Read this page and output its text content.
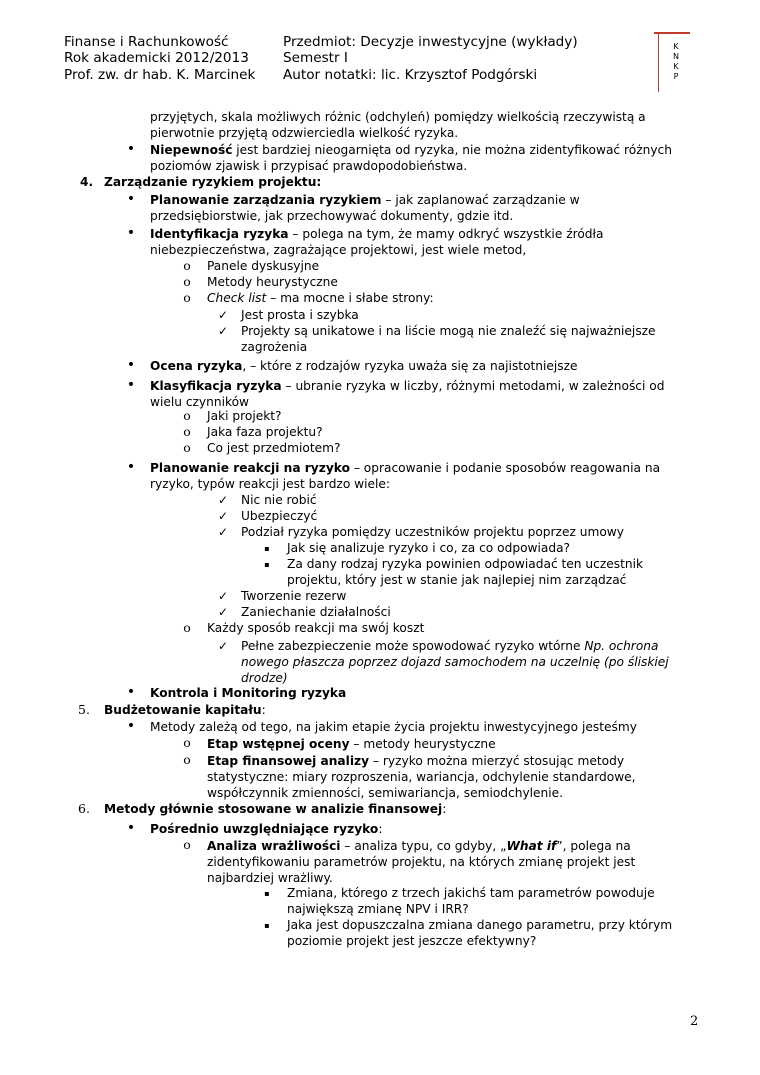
Finanse i Rachunkowość
Rok akademicki 2012/2013
Prof. zw. dr hab. K. Marcinek
Przedmiot: Decyzje inwestycyjne (wykłady)
Semestr I
Autor notatki: lic. Krzysztof Podgórski
K
N
K
P
przyjętych, skala możliwych różnic (odchyleń) pomiędzy wielkością rzeczywistą a
pierwotnie przyjętą odzwierciedla wielkość ryzyka.
• Niepewność jest bardziej nieogarnięta od ryzyka, nie można zidentyfikować różnych
poziomów zjawisk i przypisać prawdopodobieństwa.
4. Zarządzanie ryzykiem projektu:
• Planowanie zarządzania ryzykiem – jak zaplanować zarządzanie w
przedsiębiorstwie, jak przechowywać dokumenty, gdzie itd.
• Identyfikacja ryzyka – polega na tym, że mamy odkryć wszystkie źródła
niebezpieczeństwa, zagrażające projektowi, jest wiele metod,
o Panele dyskusyjne
o Metody heurystyczne
o Check list – ma mocne i słabe strony:
✓ Jest prosta i szybka
✓ Projekty są unikatowe i na liście mogą nie znaleźć się najważniejsze
zagrożenia
• Ocena ryzyka, – które z rodzajów ryzyka uważa się za najistotniejsze
• Klasyfikacja ryzyka – ubranie ryzyka w liczby, różnymi metodami, w zależności od
wielu czynników
o Jaki projekt?
o Jaka faza projektu?
o Co jest przedmiotem?
• Planowanie reakcji na ryzyko – opracowanie i podanie sposobów reagowania na
ryzyko, typów reakcji jest bardzo wiele:
✓ Nic nie robić
✓ Ubezpieczyć
✓ Podział ryzyka pomiędzy uczestników projektu poprzez umowy
▪ Jak się analizuje ryzyko i co, za co odpowiada?
▪ Za dany rodzaj ryzyka powinien odpowiadać ten uczestnik
projektu, który jest w stanie jak najlepiej nim zarządzać
✓ Tworzenie rezerw
✓ Zaniechanie działalności
o Każdy sposób reakcji ma swój koszt
✓ Pełne zabezpieczenie może spowodować ryzyko wtórne Np. ochrona
nowego płaszcza poprzez dojazd samochodem na uczelnię (po śliskiej
drodze)
• Kontrola i Monitoring ryzyka
5. Budżetowanie kapitału:
• Metody zależą od tego, na jakim etapie życia projektu inwestycyjnego jesteśmy
o Etap wstępnej oceny – metody heurystyczne
o Etap finansowej analizy – ryzyko można mierzyć stosując metody
statystyczne: miary rozproszenia, wariancja, odchylenie standardowe,
współczynnik zmienności, semiwariancja, semiodchylenie.
6. Metody głównie stosowane w analizie finansowej:
• Pośrednio uwzględniające ryzyko:
o Analiza wrażliwości – analiza typu, co gdyby, „What if”, polega na
zidentyfikowaniu parametrów projektu, na których zmianę projekt jest
najbardziej wrażliwy.
▪ Zmiana, którego z trzech jakichś tam parametrów powoduje
największą zmianę NPV i IRR?
▪ Jaka jest dopuszczalna zmiana danego parametru, przy którym
poziomie projekt jest jeszcze efektywny?
2
